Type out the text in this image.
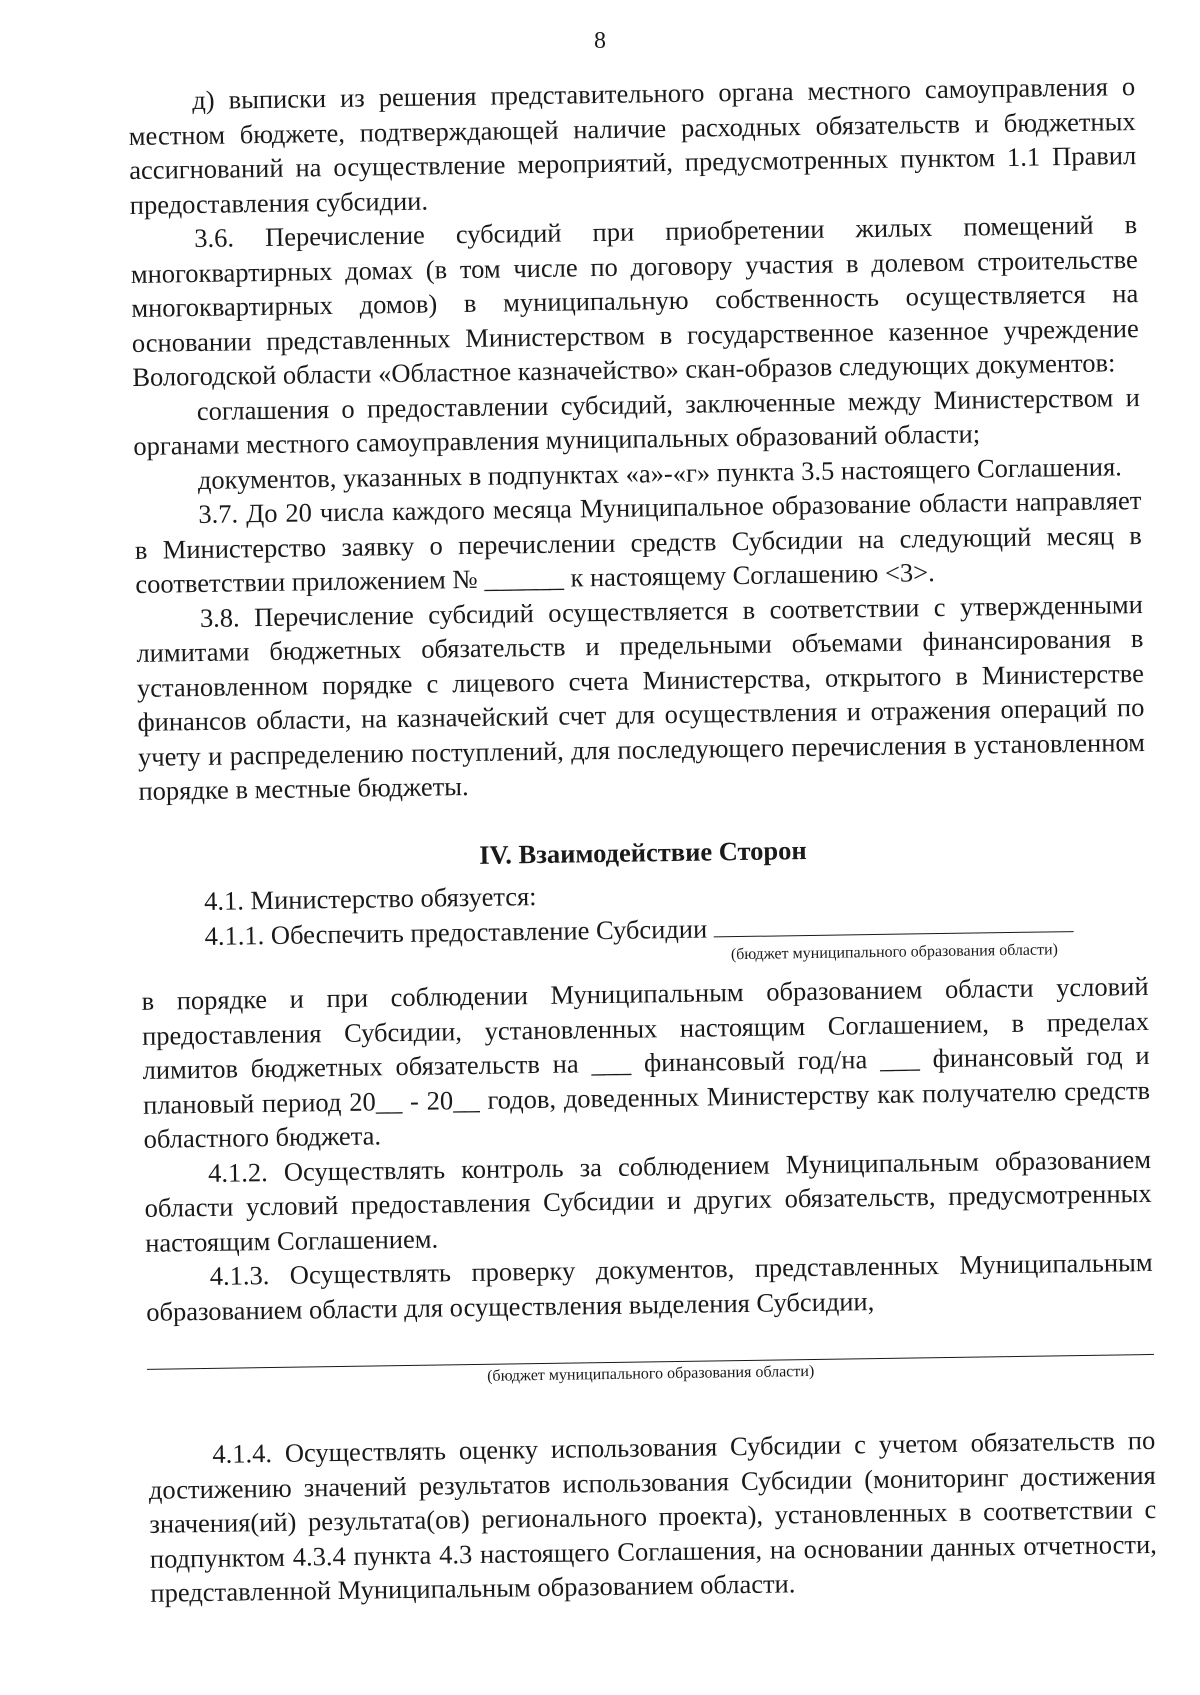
8

д) выписки из решения представительного органа местного самоуправления о местном бюджете, подтверждающей наличие расходных обязательств и бюджетных ассигнований на осуществление мероприятий, предусмотренных пунктом 1.1 Правил предоставления субсидии.

3.6. Перечисление субсидий при приобретении жилых помещений в многоквартирных домах (в том числе по договору участия в долевом строительстве многоквартирных домов) в муниципальную собственность осуществляется на основании представленных Министерством в государственное казенное учреждение Вологодской области «Областное казначейство» скан-образов следующих документов:

соглашения о предоставлении субсидий, заключенные между Министерством и органами местного самоуправления муниципальных образований области;

документов, указанных в подпунктах «а»-«г» пункта 3.5 настоящего Соглашения.

3.7. До 20 числа каждого месяца Муниципальное образование области направляет в Министерство заявку о перечислении средств Субсидии на следующий месяц в соответствии приложением № ______ к настоящему Соглашению <3>.

3.8. Перечисление субсидий осуществляется в соответствии с утвержденными лимитами бюджетных обязательств и предельными объемами финансирования в установленном порядке с лицевого счета Министерства, открытого в Министерстве финансов области, на казначейский счет для осуществления и отражения операций по учету и распределению поступлений, для последующего перечисления в установленном порядке в местные бюджеты.

IV. Взаимодействие Сторон

4.1. Министерство обязуется:

4.1.1. Обеспечить предоставление Субсидии

(бюджет муниципального образования области)

в порядке и при соблюдении Муниципальным образованием области условий предоставления Субсидии, установленных настоящим Соглашением, в пределах лимитов бюджетных обязательств на ___ финансовый год/на ___ финансовый год и плановый период 20__ - 20__ годов, доведенных Министерству как получателю средств областного бюджета.

4.1.2. Осуществлять контроль за соблюдением Муниципальным образованием области условий предоставления Субсидии и других обязательств, предусмотренных настоящим Соглашением.

4.1.3. Осуществлять проверку документов, представленных Муниципальным образованием области для осуществления выделения Субсидии,

(бюджет муниципального образования области)

4.1.4. Осуществлять оценку использования Субсидии с учетом обязательств по достижению значений результатов использования Субсидии (мониторинг достижения значения(ий) результата(ов) регионального проекта), установленных в соответствии с подпунктом 4.3.4 пункта 4.3 настоящего Соглашения, на основании данных отчетности, представленной Муниципальным образованием области.
